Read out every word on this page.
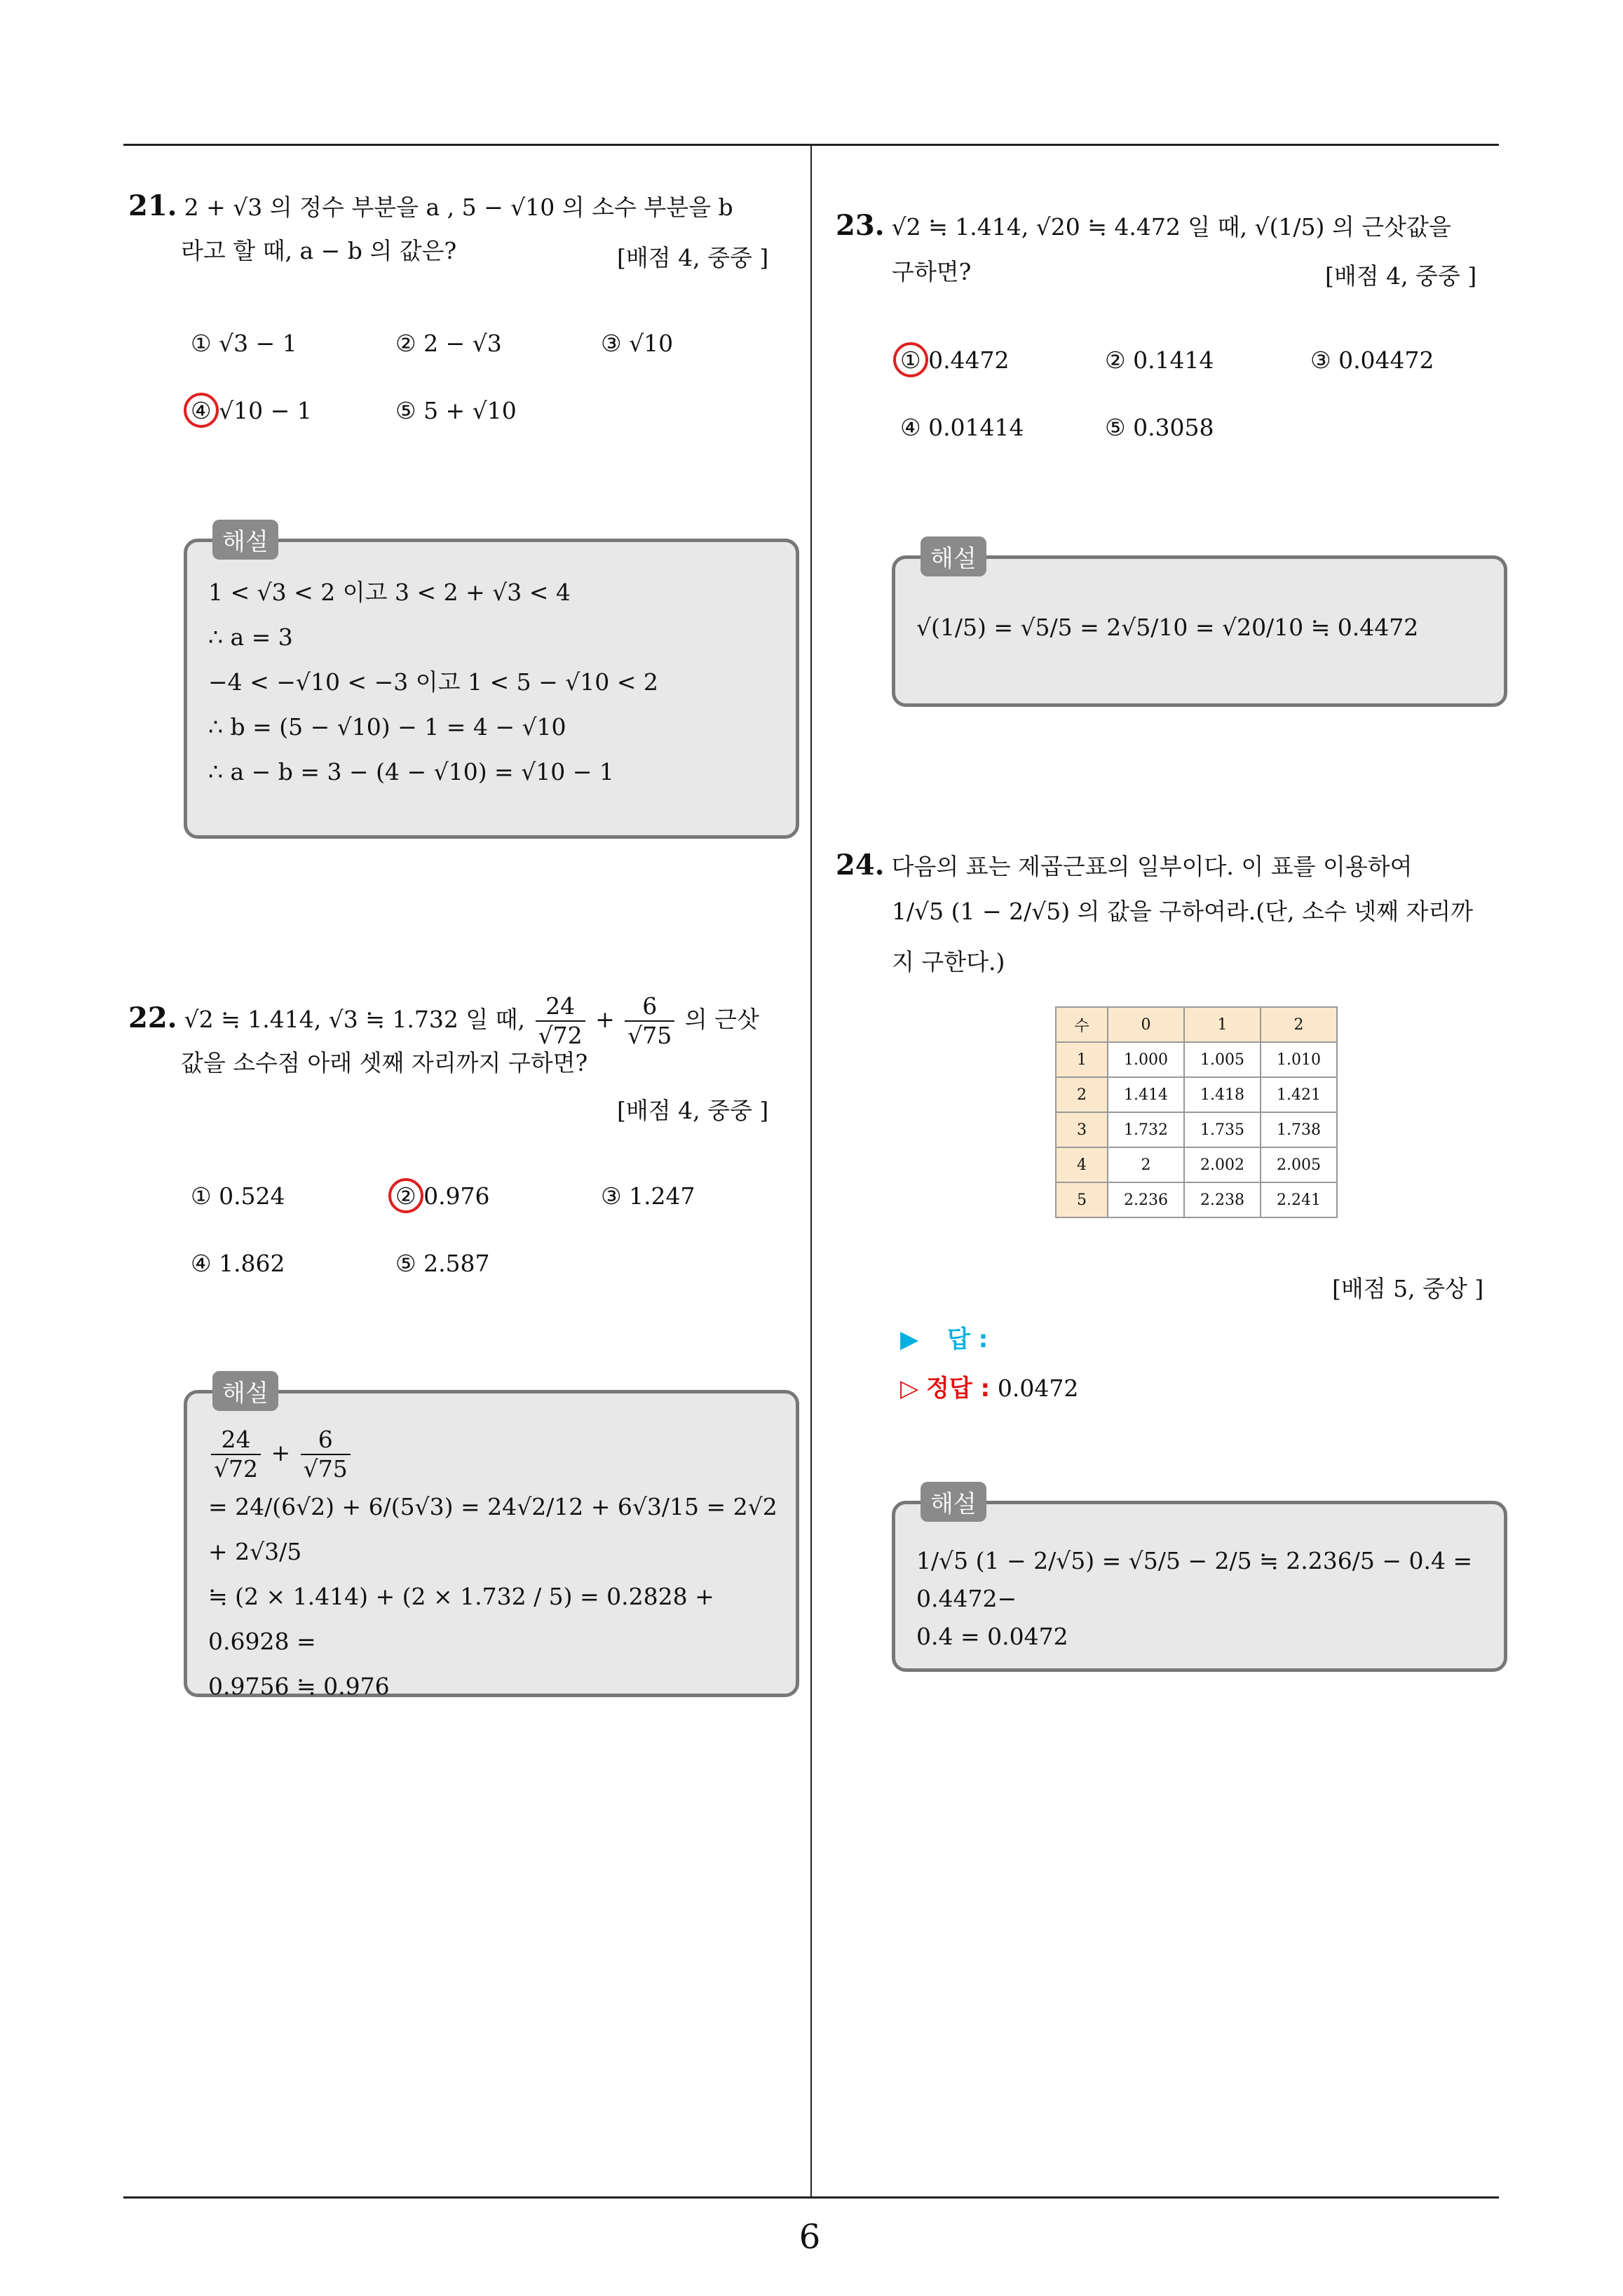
6
21. 2 + √3 의 정수 부분을 a , 5 − √10 의 소수 부분을 b
라고 할 때, a − b 의 값은?	[배점 4, 중중 ]
① √3 − 1	② 2 − √3	③ √10
④ √10 − 1	⑤ 5 + √10
해설
1 < √3 < 2 이고 3 < 2 + √3 < 4
∴ a = 3
−4 < −√10 < −3 이고 1 < 5 − √10 < 2
∴ b = (5 − √10) − 1 = 4 − √10
∴ a − b = 3 − (4 − √10) = √10 − 1
22. √2 ≒ 1.414, √3 ≒ 1.732 일 때, $\frac{24}{√72} + \frac{6}{√75}$ 의 근삿
값을 소수점 아래 셋째 자리까지 구하면?
[배점 4, 중중 ]
① 0.524	② 0.976	③ 1.247
④ 1.862	⑤ 2.587
해설
$\frac{24}{√72} + \frac{6}{√75}$
= 24/(6√2) + 6/(5√3) = 24√2/12 + 6√3/15 = 2√2 + 2√3/5
≒ (2 × 1.414) + (2 × 1.732 / 5) = 0.2828 + 0.6928 =
0.9756 ≒ 0.976
23. √2 ≒ 1.414, √20 ≒ 4.472 일 때, √(1/5) 의 근삿값을
구하면?	[배점 4, 중중 ]
① 0.4472	② 0.1414	③ 0.04472
④ 0.01414	⑤ 0.3058
해설
√(1/5) = √5/5 = 2√5/10 = √20/10 ≒ 0.4472
24. 다음의 표는 제곱근표의 일부이다. 이 표를 이용하여
1/√5 (1 − 2/√5) 의 값을 구하여라.(단, 소수 넷째 자리까
지 구한다.)
수	0	1	2
1	1.000	1.005	1.010
2	1.414	1.418	1.421
3	1.732	1.735	1.738
4	2	2.002	2.005
5	2.236	2.238	2.241
[배점 5, 중상 ]
▶ 답 :
▷ 정답 : 0.0472
해설
1/√5 (1 − 2/√5) = √5/5 − 2/5 ≒ 2.236/5 − 0.4 = 0.4472−
0.4 = 0.0472
